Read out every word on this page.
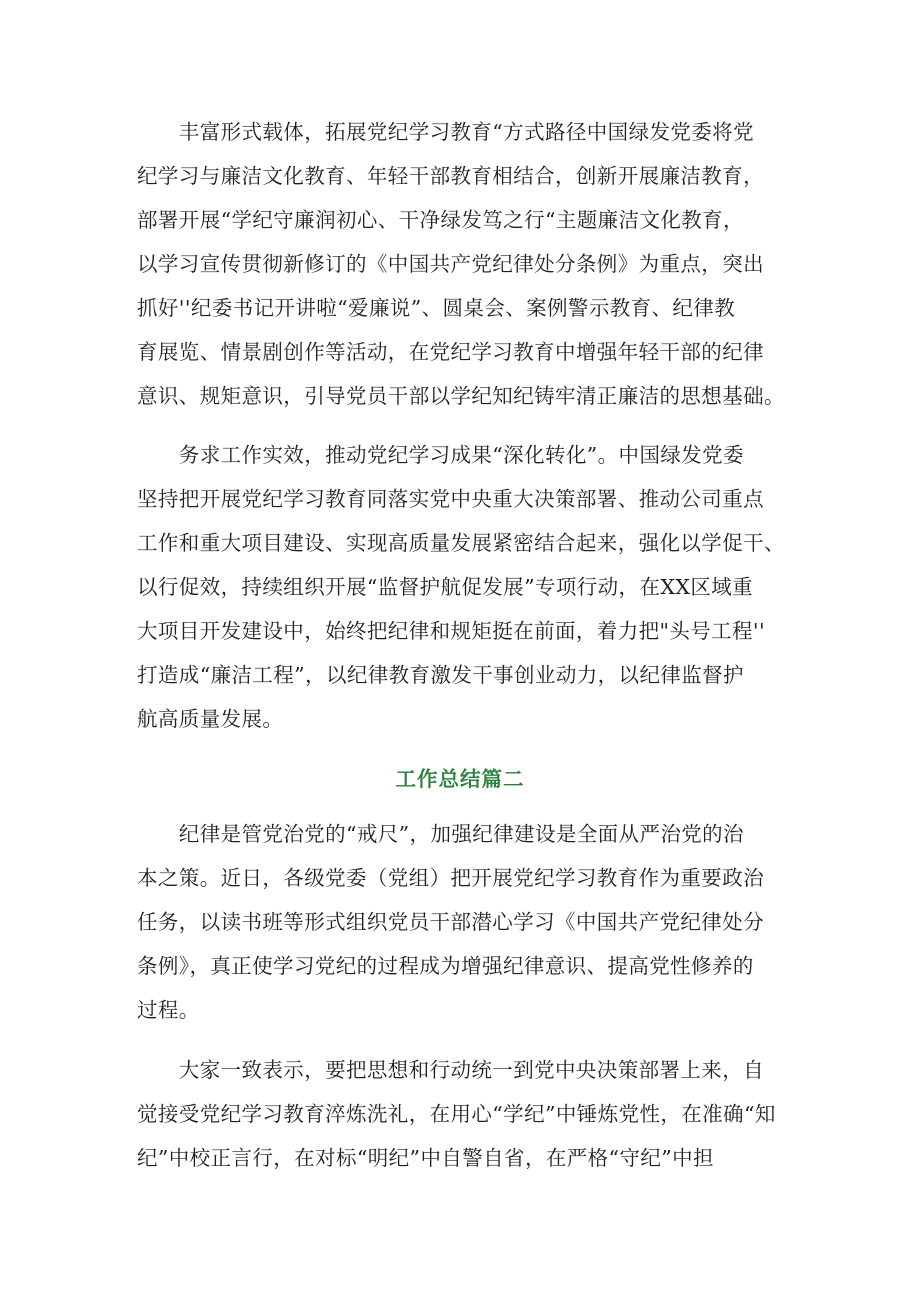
　　丰富形式载体，拓展党纪学习教育“方式路径中国绿发党委将党
纪学习与廉洁文化教育、年轻干部教育相结合，创新开展廉洁教育，
部署开展“学纪守廉润初心、干净绿发笃之行“主题廉洁文化教育，
以学习宣传贯彻新修订的《中国共产党纪律处分条例》为重点，突出
抓好''纪委书记开讲啦“爱廉说”、圆桌会、案例警示教育、纪律教
育展览、情景剧创作等活动，在党纪学习教育中增强年轻干部的纪律
意识、规矩意识，引导党员干部以学纪知纪铸牢清正廉洁的思想基础。
　　务求工作实效，推动党纪学习成果“深化转化”。中国绿发党委
坚持把开展党纪学习教育同落实党中央重大决策部署、推动公司重点
工作和重大项目建设、实现高质量发展紧密结合起来，强化以学促干、
以行促效，持续组织开展“监督护航促发展”专项行动，在XX区域重
大项目开发建设中，始终把纪律和规矩挺在前面，着力把"头号工程''
打造成“廉洁工程”，以纪律教育激发干事创业动力，以纪律监督护
航高质量发展。
工作总结篇二
　　纪律是管党治党的“戒尺”，加强纪律建设是全面从严治党的治
本之策。近日，各级党委（党组）把开展党纪学习教育作为重要政治
任务，以读书班等形式组织党员干部潜心学习《中国共产党纪律处分
条例》，真正使学习党纪的过程成为增强纪律意识、提高党性修养的
过程。
　　大家一致表示，要把思想和行动统一到党中央决策部署上来，自
觉接受党纪学习教育淬炼洗礼，在用心“学纪”中锤炼党性，在准确“知
纪”中校正言行，在对标“明纪”中自警自省，在严格“守纪”中担
